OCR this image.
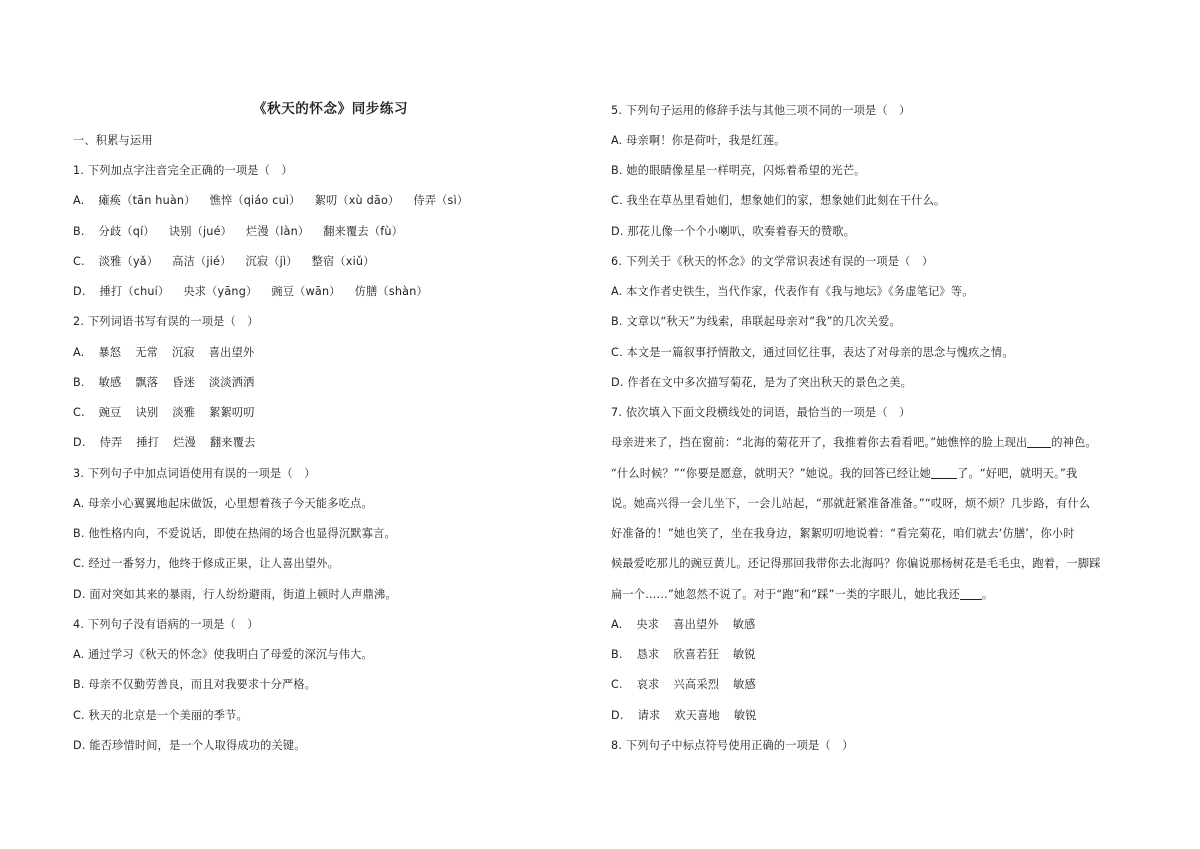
《秋天的怀念》同步练习
一、积累与运用
1. 下列加点字注音完全正确的一项是（　）
A. 瘫痪（tān huàn） 憔悴（qiáo cuì） 絮叨（xù dāo） 侍弄（sì）
B. 分歧（qí） 诀别（jué） 烂漫（làn） 翻来覆去（fù）
C. 淡雅（yǎ） 高洁（jié） 沉寂（jì） 整宿（xiǔ）
D. 捶打（chuí） 央求（yāng） 豌豆（wān） 仿膳（shàn）
2. 下列词语书写有误的一项是（　）
A. 暴怒 无常 沉寂 喜出望外
B. 敏感 飘落 昏迷 淡淡洒洒
C. 豌豆 诀别 淡雅 絮絮叨叨
D. 侍弄 捶打 烂漫 翻来覆去
3. 下列句子中加点词语使用有误的一项是（　）
A. 母亲小心翼翼地起床做饭，心里想着孩子今天能多吃点。
B. 他性格内向，不爱说话，即使在热闹的场合也显得沉默寡言。
C. 经过一番努力，他终于修成正果，让人喜出望外。
D. 面对突如其来的暴雨，行人纷纷避雨，街道上顿时人声鼎沸。
4. 下列句子没有语病的一项是（　）
A. 通过学习《秋天的怀念》使我明白了母爱的深沉与伟大。
B. 母亲不仅勤劳善良，而且对我要求十分严格。
C. 秋天的北京是一个美丽的季节。
D. 能否珍惜时间，是一个人取得成功的关键。
5. 下列句子运用的修辞手法与其他三项不同的一项是（　）
A. 母亲啊！你是荷叶，我是红莲。
B. 她的眼睛像星星一样明亮，闪烁着希望的光芒。
C. 我坐在草丛里看她们，想象她们的家，想象她们此刻在干什么。
D. 那花儿像一个个小喇叭，吹奏着春天的赞歌。
6. 下列关于《秋天的怀念》的文学常识表述有误的一项是（　）
A. 本文作者史铁生，当代作家，代表作有《我与地坛》《务虚笔记》等。
B. 文章以“秋天”为线索，串联起母亲对“我”的几次关爱。
C. 本文是一篇叙事抒情散文，通过回忆往事，表达了对母亲的思念与愧疚之情。
D. 作者在文中多次描写菊花，是为了突出秋天的景色之美。
7. 依次填入下面文段横线处的词语，最恰当的一项是（　）
母亲进来了，挡在窗前：“北海的菊花开了，我推着你去看看吧。”她憔悴的脸上现出 的神色。
“什么时候？”“你要是愿意，就明天？”她说。我的回答已经让她 了。“好吧，就明天。”我
说。她高兴得一会儿坐下，一会儿站起，“那就赶紧准备准备。”“哎呀，烦不烦？几步路，有什么
好准备的！”她也笑了，坐在我身边，絮絮叨叨地说着：“看完菊花，咱们就去‘仿膳’，你小时
候最爱吃那儿的豌豆黄儿。还记得那回我带你去北海吗？你偏说那杨树花是毛毛虫，跑着，一脚踩
扁一个……”她忽然不说了。对于“跑”和“踩”一类的字眼儿，她比我还 。
A. 央求 喜出望外 敏感
B. 恳求 欣喜若狂 敏锐
C. 哀求 兴高采烈 敏感
D. 请求 欢天喜地 敏锐
8. 下列句子中标点符号使用正确的一项是（　）
